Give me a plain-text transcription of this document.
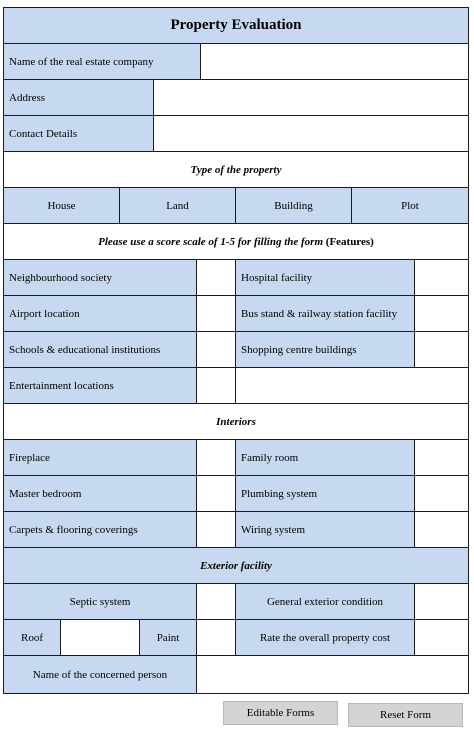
Property Evaluation
Name of the real estate company
Address
Contact Details
Type of the property
House	Land	Building	Plot
Please use a score scale of 1-5 for filling the form (Features)
Neighbourhood society	Hospital facility
Airport location	Bus stand & railway station facility
Schools & educational institutions	Shopping centre buildings
Entertainment locations
Interiors
Fireplace	Family room
Master bedroom	Plumbing system
Carpets & flooring coverings	Wiring system
Exterior facility
Septic system	General exterior condition
Roof	Paint	Rate the overall property cost
Name of the concerned person
Editable Forms	Reset Form
